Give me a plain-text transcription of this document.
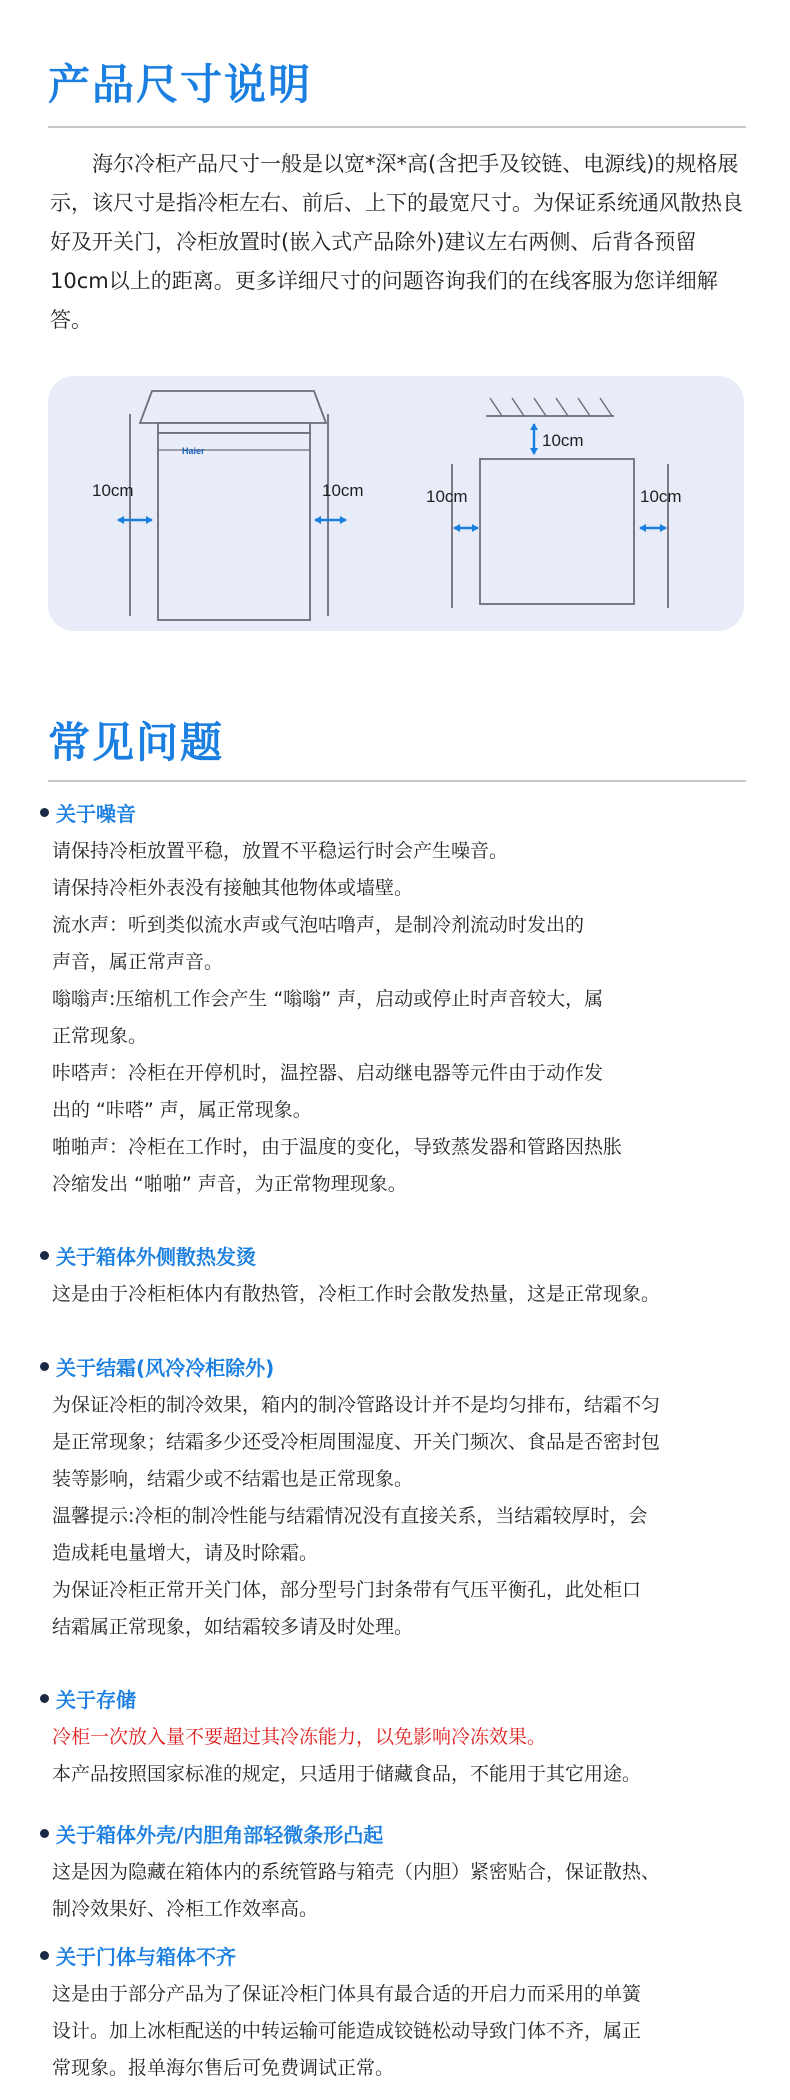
产品尺寸说明

海尔冷柜产品尺寸一般是以宽*深*高(含把手及铰链、电源线)的规格展示，该尺寸是指冷柜左右、前后、上下的最宽尺寸。为保证系统通风散热良好及开关门，冷柜放置时(嵌入式产品除外)建议左右两侧、后背各预留10cm以上的距离。更多详细尺寸的问题咨询我们的在线客服为您详细解答。

Haier
10cm	10cm
10cm
10cm	10cm
常见问题
关于噪音
请保持冷柜放置平稳，放置不平稳运行时会产生噪音。
请保持冷柜外表没有接触其他物体或墙壁。
流水声：听到类似流水声或气泡咕噜声，是制冷剂流动时发出的
声音，属正常声音。
嗡嗡声:压缩机工作会产生 “嗡嗡” 声，启动或停止时声音较大，属
正常现象。
咔嗒声：冷柜在开停机时，温控器、启动继电器等元件由于动作发
出的 “咔嗒” 声，属正常现象。
啪啪声：冷柜在工作时，由于温度的变化，导致蒸发器和管路因热胀
冷缩发出 “啪啪” 声音，为正常物理现象。
关于箱体外侧散热发烫
这是由于冷柜柜体内有散热管，冷柜工作时会散发热量，这是正常现象。
关于结霜(风冷冷柜除外)
为保证冷柜的制冷效果，箱内的制冷管路设计并不是均匀排布，结霜不匀
是正常现象；结霜多少还受冷柜周围湿度、开关门频次、食品是否密封包
装等影响，结霜少或不结霜也是正常现象。
温馨提示:冷柜的制冷性能与结霜情况没有直接关系，当结霜较厚时，会
造成耗电量增大，请及时除霜。
为保证冷柜正常开关门体，部分型号门封条带有气压平衡孔，此处柜口
结霜属正常现象，如结霜较多请及时处理。
关于存储
冷柜一次放入量不要超过其冷冻能力，以免影响冷冻效果。
本产品按照国家标准的规定，只适用于储藏食品，不能用于其它用途。
关于箱体外壳/内胆角部轻微条形凸起
这是因为隐藏在箱体内的系统管路与箱壳（内胆）紧密贴合，保证散热、
制冷效果好、冷柜工作效率高。
关于门体与箱体不齐
这是由于部分产品为了保证冷柜门体具有最合适的开启力而采用的单簧
设计。加上冰柜配送的中转运输可能造成铰链松动导致门体不齐，属正
常现象。报单海尔售后可免费调试正常。
